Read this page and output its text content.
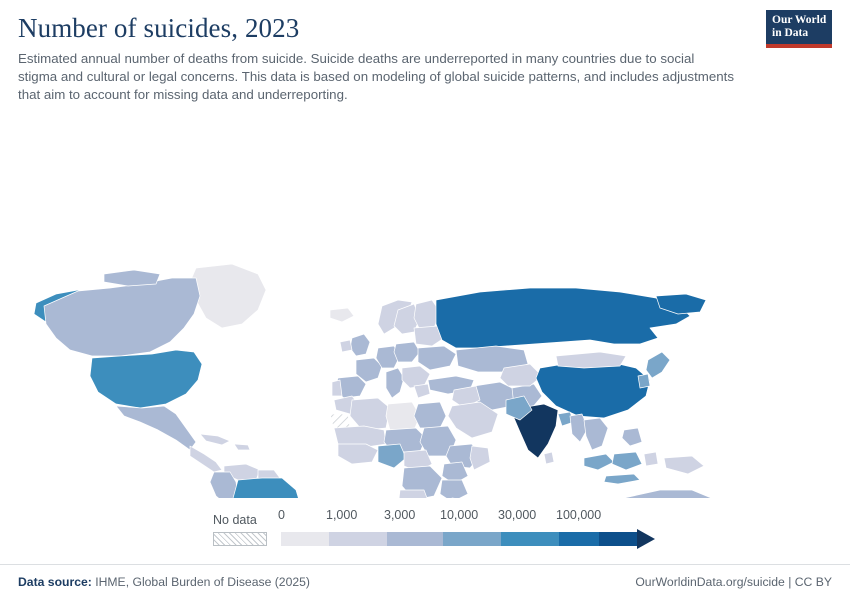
Number of suicides, 2023

Estimated annual number of deaths from suicide. Suicide deaths are underreported in many countries due to social
stigma and cultural or legal concerns. This data is based on modeling of global suicide patterns, and includes adjustments that aim to account for missing data and underreporting.

Our World
in Data
0	1,000 3,000 10,000 30,000 100,000
No data
Data source: IHME, Global Burden of Disease (2025)	OurWorldinData.org/suicide | CC BY
